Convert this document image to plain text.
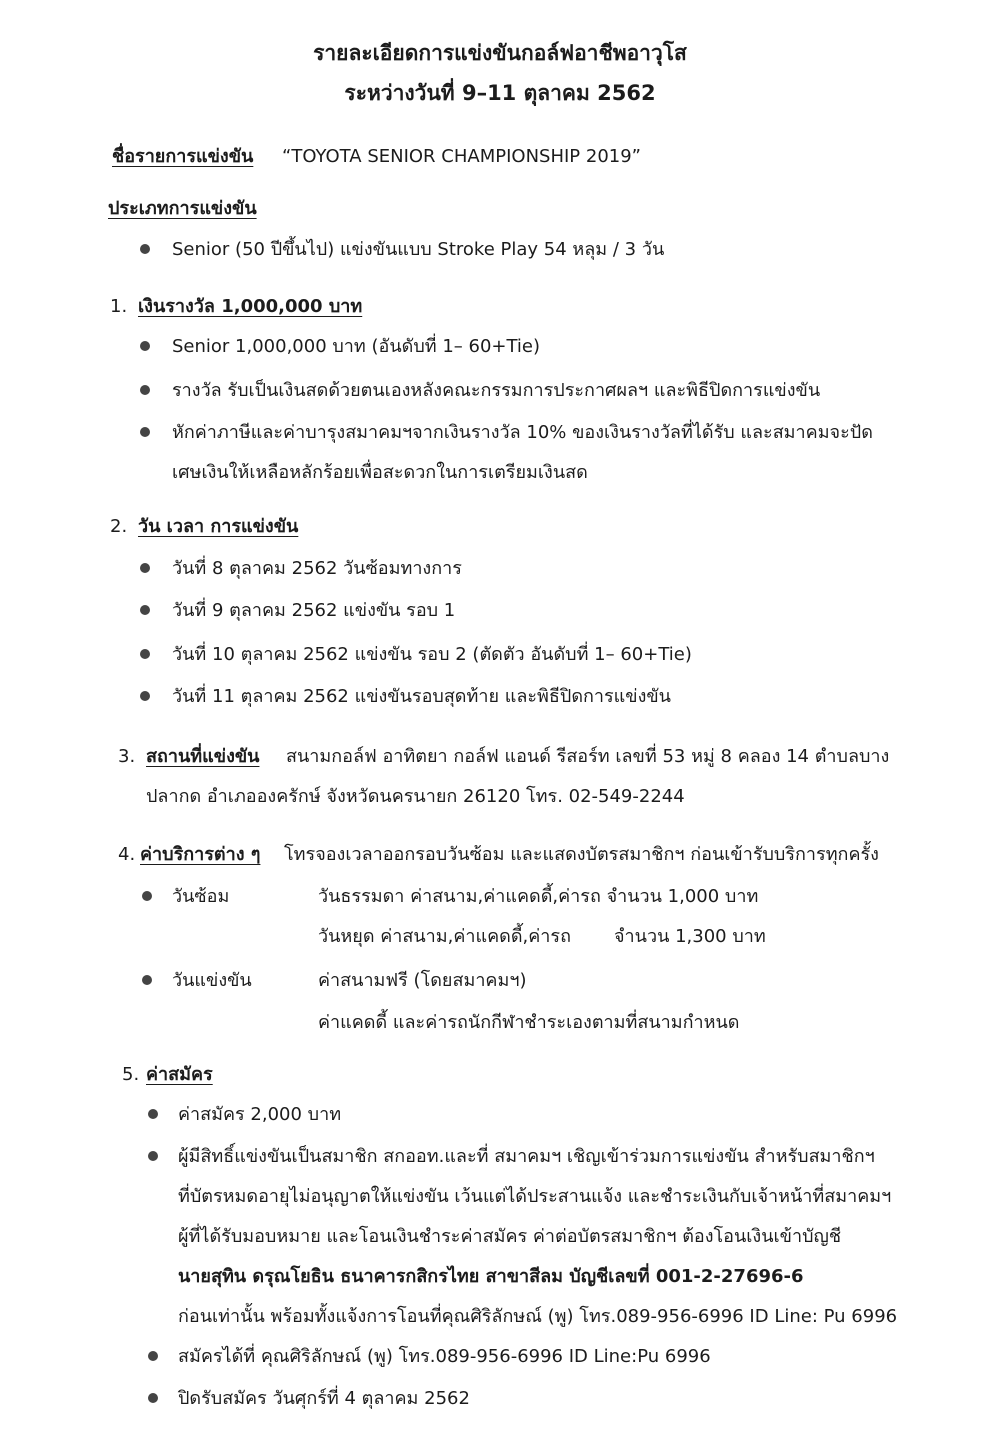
รายละเอียดการแข่งขันกอล์ฟอาชีพอาวุโส
ระหว่างวันที่ 9–11 ตุลาคม 2562
ชื่อรายการแข่งขัน “TOYOTA SENIOR CHAMPIONSHIP 2019”
ประเภทการแข่งขัน
Senior (50 ปีขึ้นไป) แข่งขันแบบ Stroke Play 54 หลุม / 3 วัน
1. เงินรางวัล 1,000,000 บาท
Senior 1,000,000 บาท (อันดับที่ 1– 60+Tie)
รางวัล รับเป็นเงินสดด้วยตนเองหลังคณะกรรมการประกาศผลฯ และพิธีปิดการแข่งขัน
หักค่าภาษีและค่าบารุงสมาคมฯจากเงินรางวัล 10% ของเงินรางวัลที่ได้รับ และสมาคมจะปัด
เศษเงินให้เหลือหลักร้อยเพื่อสะดวกในการเตรียมเงินสด
2. วัน เวลา การแข่งขัน
วันที่ 8 ตุลาคม 2562 วันซ้อมทางการ
วันที่ 9 ตุลาคม 2562 แข่งขัน รอบ 1
วันที่ 10 ตุลาคม 2562 แข่งขัน รอบ 2 (ตัดตัว อันดับที่ 1– 60+Tie)
วันที่ 11 ตุลาคม 2562 แข่งขันรอบสุดท้าย และพิธีปิดการแข่งขัน
3. สถานที่แข่งขัน สนามกอล์ฟ อาทิตยา กอล์ฟ แอนด์ รีสอร์ท เลขที่ 53 หมู่ 8 คลอง 14 ตำบลบาง
ปลากด อำเภอองครักษ์ จังหวัดนครนายก 26120 โทร. 02-549-2244
4. ค่าบริการต่าง ๆ โทรจองเวลาออกรอบวันซ้อม และแสดงบัตรสมาชิกฯ ก่อนเข้ารับบริการทุกครั้ง
วันซ้อม	วันธรรมดา ค่าสนาม,ค่าแคดดี้,ค่ารถ จำนวน 1,000 บาท
วันหยุด ค่าสนาม,ค่าแคดดี้,ค่ารถ จำนวน 1,300 บาท
วันแข่งขัน	ค่าสนามฟรี (โดยสมาคมฯ)
ค่าแคดดี้ และค่ารถนักกีฬาชำระเองตามที่สนามกำหนด
5. ค่าสมัคร
ค่าสมัคร 2,000 บาท
ผู้มีสิทธิ์แข่งขันเป็นสมาชิก สกออท.และที่ สมาคมฯ เชิญเข้าร่วมการแข่งขัน สำหรับสมาชิกฯ
ที่บัตรหมดอายุไม่อนุญาตให้แข่งขัน เว้นแต่ได้ประสานแจ้ง และชำระเงินกับเจ้าหน้าที่สมาคมฯ
ผู้ที่ได้รับมอบหมาย และโอนเงินชำระค่าสมัคร ค่าต่อบัตรสมาชิกฯ ต้องโอนเงินเข้าบัญชี
นายสุทิน ดรุณโยธิน ธนาคารกสิกรไทย สาขาสีลม บัญชีเลขที่ 001-2-27696-6
ก่อนเท่านั้น พร้อมทั้งแจ้งการโอนที่คุณศิริลักษณ์ (พู) โทร.089-956-6996 ID Line: Pu 6996
สมัครได้ที่ คุณศิริลักษณ์ (พู) โทร.089-956-6996 ID Line:Pu 6996
ปิดรับสมัคร วันศุกร์ที่ 4 ตุลาคม 2562
